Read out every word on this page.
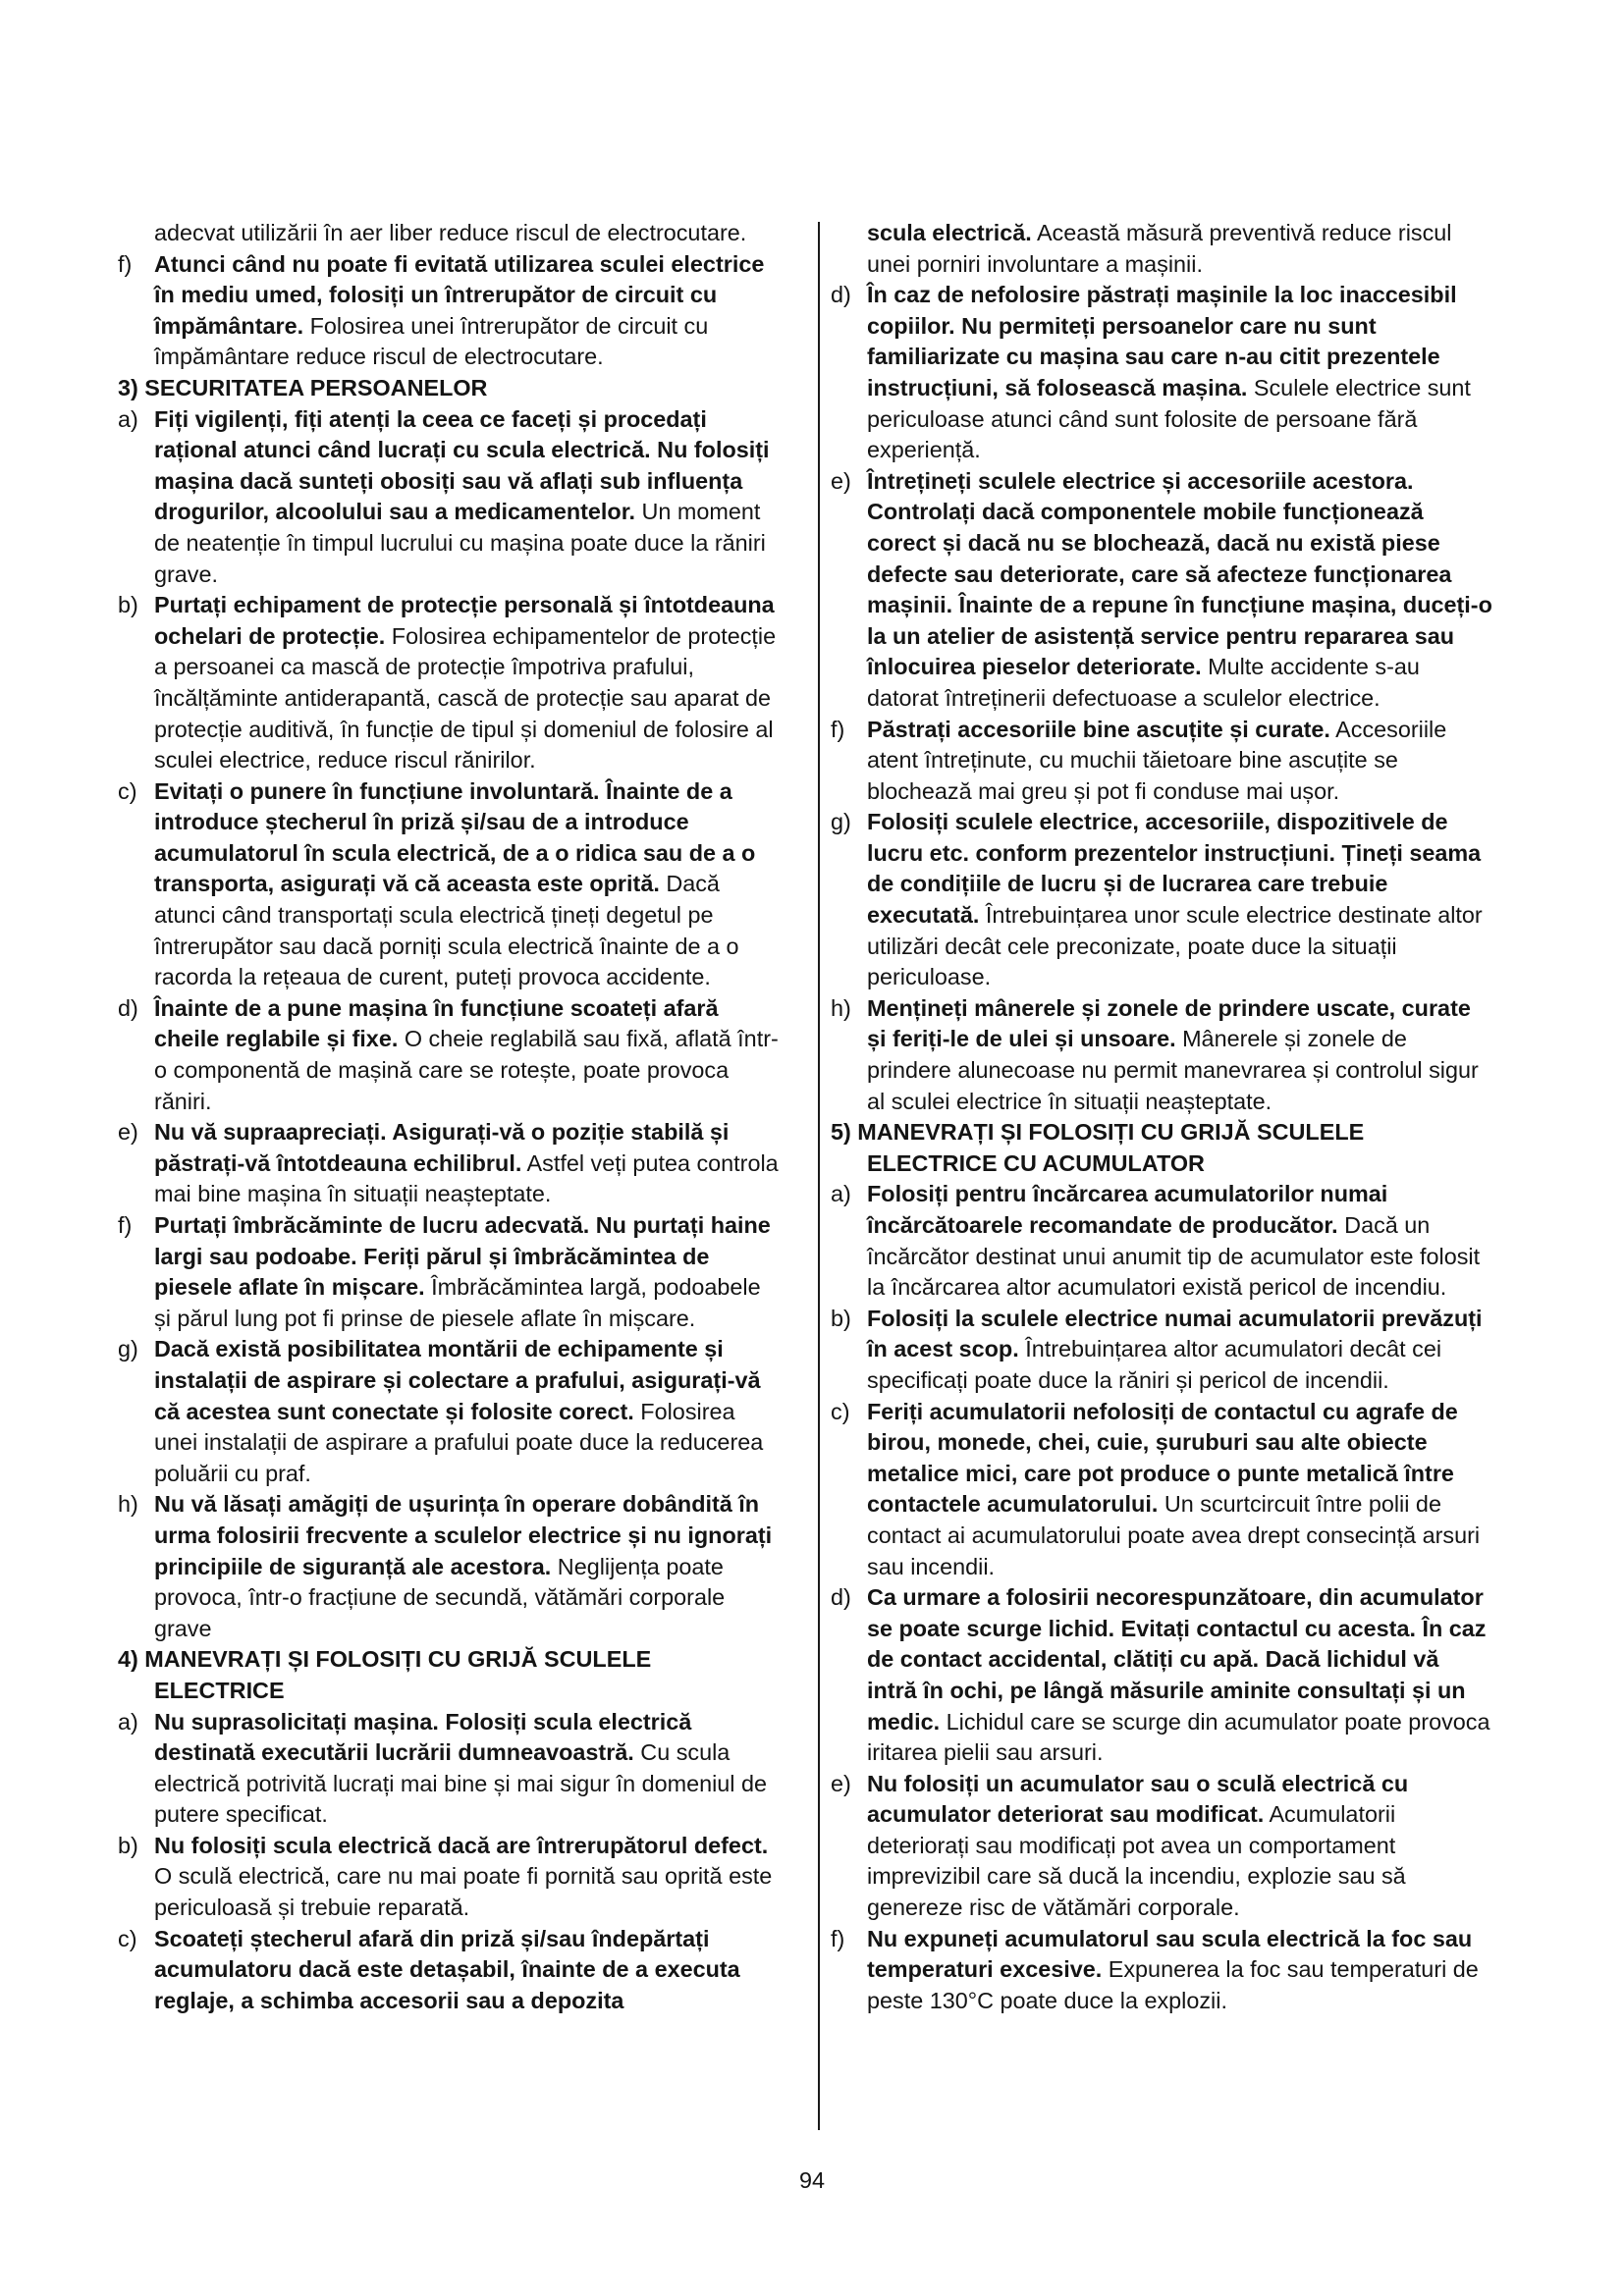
adecvat utilizării în aer liber reduce riscul de electrocutare.
f) Atunci când nu poate fi evitată utilizarea sculei electrice în mediu umed, folosiți un întrerupător de circuit cu împământare. Folosirea unei întrerupător de circuit cu împământare reduce riscul de electrocutare.
3) SECURITATEA PERSOANELOR
a) Fiți vigilenți, fiți atenți la ceea ce faceți și procedați rațional atunci când lucrați cu scula electrică. Nu folosiți mașina dacă sunteți obosiți sau vă aflați sub influența drogurilor, alcoolului sau a medicamentelor. Un moment de neatenție în timpul lucrului cu mașina poate duce la răniri grave.
b) Purtați echipament de protecție personală și întotdeauna ochelari de protecție. Folosirea echipamentelor de protecție a persoanei ca mască de protecție împotriva prafului, încălțăminte antiderapantă, cască de protecție sau aparat de protecție auditivă, în funcție de tipul și domeniul de folosire al sculei electrice, reduce riscul rănirilor.
c) Evitați o punere în funcțiune involuntară. Înainte de a introduce ștecherul în priză și/sau de a introduce acumulatorul în scula electrică, de a o ridica sau de a o transporta, asigurați vă că aceasta este oprită. Dacă atunci când transportați scula electrică țineți degetul pe întrerupător sau dacă porniți scula electrică înainte de a o racorda la rețeaua de curent, puteți provoca accidente.
d) Înainte de a pune mașina în funcțiune scoateți afară cheile reglabile și fixe. O cheie reglabilă sau fixă, aflată într-o componentă de mașină care se rotește, poate provoca răniri.
e) Nu vă supraapreciați. Asigurați-vă o poziție stabilă și păstrați-vă întotdeauna echilibrul. Astfel veți putea controla mai bine mașina în situații neașteptate.
f) Purtați îmbrăcăminte de lucru adecvată. Nu purtați haine largi sau podoabe. Feriți părul și îmbrăcămintea de piesele aflate în mișcare. Îmbrăcămintea largă, podoabele și părul lung pot fi prinse de piesele aflate în mișcare.
g) Dacă există posibilitatea montării de echipamente și instalații de aspirare și colectare a prafului, asigurați-vă că acestea sunt conectate și folosite corect. Folosirea unei instalații de aspirare a prafului poate duce la reducerea poluării cu praf.
h) Nu vă lăsați amăgiți de ușurința în operare dobândită în urma folosirii frecvente a sculelor electrice și nu ignorați principiile de siguranță ale acestora. Neglijența poate provoca, într-o fracțiune de secundă, vătămări corporale grave
4) MANEVRAȚI ȘI FOLOSIȚI CU GRIJĂ SCULELE
ELECTRICE
a) Nu suprasolicitați mașina. Folosiți scula electrică destinată executării lucrării dumneavoastră. Cu scula electrică potrivită lucrați mai bine și mai sigur în domeniul de putere specificat.
b) Nu folosiți scula electrică dacă are întrerupătorul defect. O sculă electrică, care nu mai poate fi pornită sau oprită este periculoasă și trebuie reparată.
c) Scoateți ștecherul afară din priză și/sau îndepărtați acumulatoru dacă este detașabil, înainte de a executa reglaje, a schimba accesorii sau a depozita
scula electrică. Această măsură preventivă reduce riscul unei porniri involuntare a mașinii.
d) În caz de nefolosire păstrați mașinile la loc inaccesibil copiilor. Nu permiteți persoanelor care nu sunt familiarizate cu mașina sau care n-au citit prezentele instrucțiuni, să folosească mașina. Sculele electrice sunt periculoase atunci când sunt folosite de persoane fără experiență.
e) Întrețineți sculele electrice și accesoriile acestora. Controlați dacă componentele mobile funcționează corect și dacă nu se blochează, dacă nu există piese defecte sau deteriorate, care să afecteze funcționarea mașinii. Înainte de a repune în funcțiune mașina, duceți-o la un atelier de asistență service pentru repararea sau înlocuirea pieselor deteriorate. Multe accidente s-au datorat întreținerii defectuoase a sculelor electrice.
f) Păstrați accesoriile bine ascuțite și curate. Accesoriile atent întreținute, cu muchii tăietoare bine ascuțite se blochează mai greu și pot fi conduse mai ușor.
g) Folosiți sculele electrice, accesoriile, dispozitivele de lucru etc. conform prezentelor instrucțiuni. Țineți seama de condițiile de lucru și de lucrarea care trebuie executată. Întrebuințarea unor scule electrice destinate altor utilizări decât cele preconizate, poate duce la situații periculoase.
h) Mențineți mânerele și zonele de prindere uscate, curate și feriți-le de ulei și unsoare. Mânerele și zonele de prindere alunecoase nu permit manevrarea și controlul sigur al sculei electrice în situații neașteptate.
5) MANEVRAȚI ȘI FOLOSIȚI CU GRIJĂ SCULELE
ELECTRICE CU ACUMULATOR
a) Folosiți pentru încărcarea acumulatorilor numai încărcătoarele recomandate de producător. Dacă un încărcător destinat unui anumit tip de acumulator este folosit la încărcarea altor acumulatori există pericol de incendiu.
b) Folosiți la sculele electrice numai acumulatorii prevăzuți în acest scop. Întrebuințarea altor acumulatori decât cei specificați poate duce la răniri și pericol de incendii.
c) Feriți acumulatorii nefolosiți de contactul cu agrafe de birou, monede, chei, cuie, șuruburi sau alte obiecte metalice mici, care pot produce o punte metalică între contactele acumulatorului. Un scurtcircuit între polii de contact ai acumulatorului poate avea drept consecință arsuri sau incendii.
d) Ca urmare a folosirii necorespunzătoare, din acumulator se poate scurge lichid. Evitați contactul cu acesta. În caz de contact accidental, clătiți cu apă. Dacă lichidul vă intră în ochi, pe lângă măsurile aminite consultați și un medic. Lichidul care se scurge din acumulator poate provoca iritarea pielii sau arsuri.
e) Nu folosiți un acumulator sau o sculă electrică cu acumulator deteriorat sau modificat. Acumulatorii deteriorați sau modificați pot avea un comportament imprevizibil care să ducă la incendiu, explozie sau să genereze risc de vătămări corporale.
f) Nu expuneți acumulatorul sau scula electrică la foc sau temperaturi excesive. Expunerea la foc sau temperaturi de peste 130°C poate duce la explozii.
94
